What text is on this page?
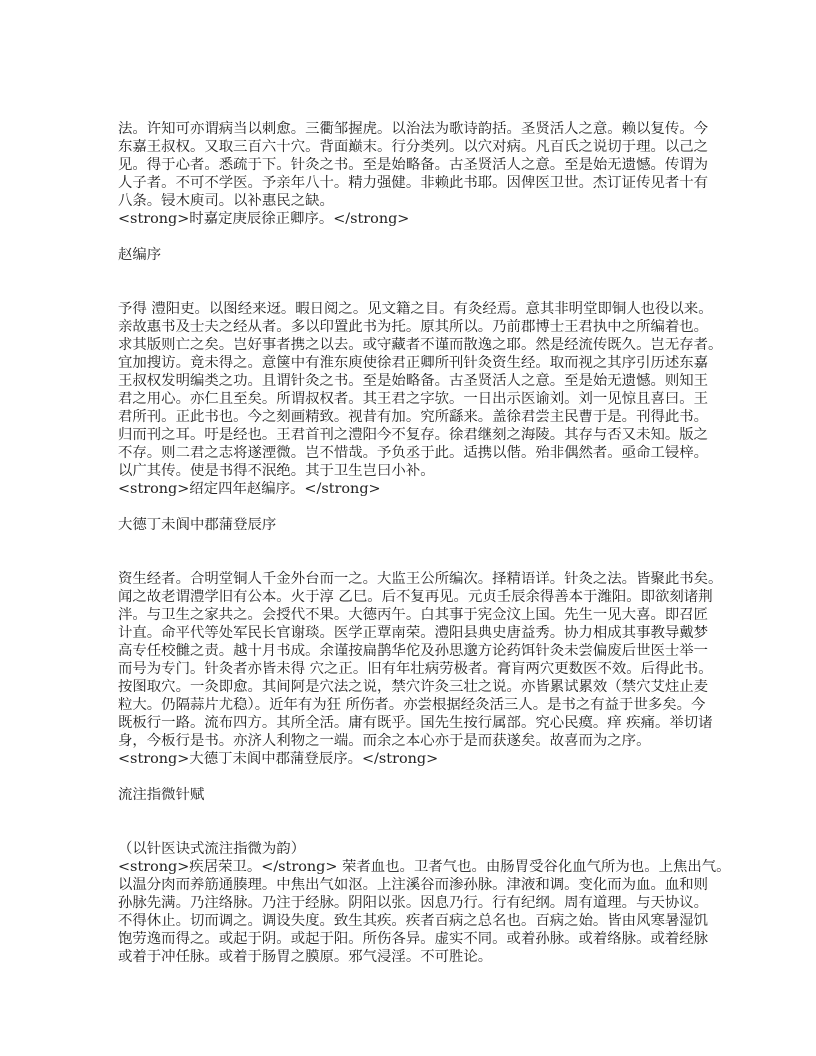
法。许知可亦谓病当以刺愈。三衢邹握虎。以治法为歌诗韵括。圣贤活人之意。赖以复传。今
东嘉王叔权。又取三百六十穴。背面巅末。行分类列。以穴对病。凡百氏之说切于理。以己之
见。得于心者。悉疏于下。针灸之书。至是始略备。古圣贤活人之意。至是始无遗憾。传谓为
人子者。不可不学医。予亲年八十。精力强健。非赖此书耶。因俾医卫世。杰订证传见者十有
八条。锓木庾司。以补惠民之缺。
<strong>时嘉定庚辰徐正卿序。</strong>
赵编序
予得 澧阳吏。以图经来迓。暇日阅之。见文籍之目。有灸经焉。意其非明堂即铜人也役以来。
亲故惠书及士夫之经从者。多以印置此书为托。原其所以。乃前郡博士王君执中之所编着也。
求其版则亡之矣。岂好事者携之以去。或守藏者不谨而散逸之耶。然是经流传既久。岂无存者。
宜加搜访。竟未得之。意箧中有淮东庾使徐君正卿所刊针灸资生经。取而视之其序引历述东嘉
王叔权发明编类之功。且谓针灸之书。至是始略备。古圣贤活人之意。至是始无遗憾。则知王
君之用心。亦仁且至矣。所谓叔权者。其王君之字欤。一日出示医谕刘。刘一见惊且喜曰。王
君所刊。正此书也。今之刻画精致。视昔有加。究所繇来。盖徐君尝主民曹于是。刊得此书。
归而刊之耳。吁是经也。王君首刊之澧阳今不复存。徐君继刻之海陵。其存与否又未知。版之
不存。则二君之志将遂湮微。岂不惜哉。予负丞于此。适携以偕。殆非偶然者。亟命工锓梓。
以广其传。使是书得不泯绝。其于卫生岂曰小补。
<strong>绍定四年赵编序。</strong>
大德丁未阆中郡蒲登辰序
资生经者。合明堂铜人千金外台而一之。大监王公所编次。择精语详。针灸之法。皆聚此书矣。
闻之故老谓澧学旧有公本。火于淳 乙巳。后不复再见。元贞壬辰余得善本于潍阳。即欲刻诸荆
泮。与卫生之家共之。会授代不果。大德丙午。白其事于宪佥汶上国。先生一见大喜。即召匠
计直。命平代等处军民长官谢琰。医学正覃南荣。澧阳县典史唐益秀。协力相成其事教导戴梦
高专任校雠之责。越十月书成。余谨按扁鹊华佗及孙思邈方论药饵针灸未尝偏废后世医士举一
而号为专门。针灸者亦皆未得 穴之正。旧有年壮病劳极者。膏肓两穴更数医不效。后得此书。
按图取穴。一灸即愈。其间阿是穴法之说，禁穴许灸三壮之说。亦皆累试累效（禁穴艾炷止麦
粒大。仍隔蒜片尤稳）。近年有为狂 所伤者。亦尝根据经灸活三人。是书之有益于世多矣。今
既板行一路。流布四方。其所全活。庸有既乎。国先生按行属部。究心民瘼。痒 疾痛。举切诸
身，今板行是书。亦济人利物之一端。而余之本心亦于是而获遂矣。故喜而为之序。
<strong>大德丁未阆中郡蒲登辰序。</strong>
流注指微针赋
（以针医诀式流注指微为韵）
<strong>疾居荣卫。</strong> 荣者血也。卫者气也。由肠胃受谷化血气所为也。上焦出气。
以温分肉而养筋通腠理。中焦出气如沤。上注溪谷而渗孙脉。津液和调。变化而为血。血和则
孙脉先满。乃注络脉。乃注于经脉。阴阳以张。因息乃行。行有纪纲。周有道理。与天协议。
不得休止。切而调之。调设失度。致生其疾。疾者百病之总名也。百病之始。皆由风寒暑湿饥
饱劳逸而得之。或起于阴。或起于阳。所伤各异。虚实不同。或着孙脉。或着络脉。或着经脉
或着于冲任脉。或着于肠胃之膜原。邪气浸淫。不可胜论。
